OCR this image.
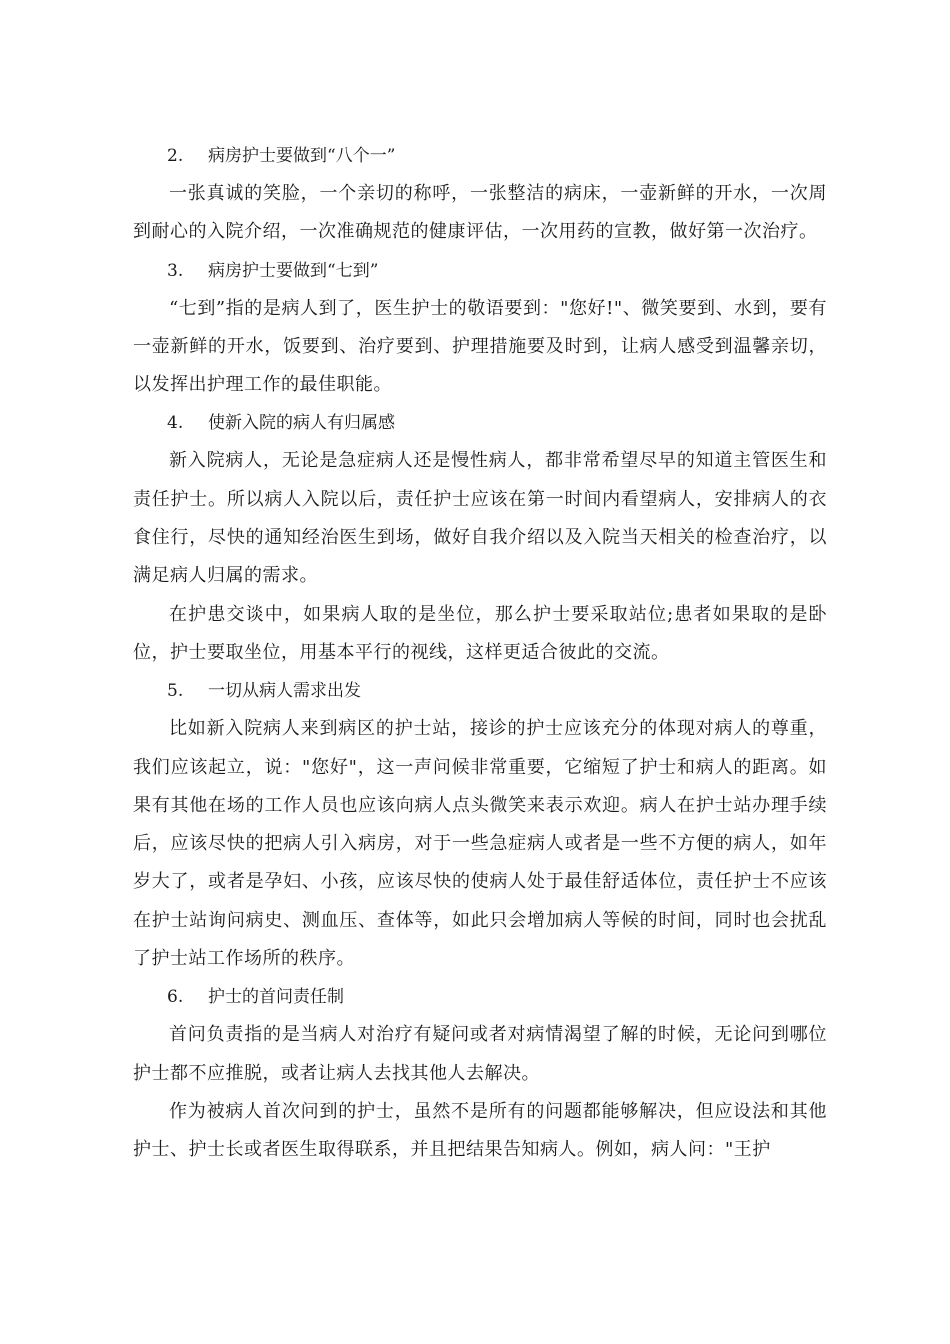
2. 病房护士要做到“八个一”

一张真诚的笑脸，一个亲切的称呼，一张整洁的病床，一壶新鲜的开水，一次周到耐心的入院介绍，一次准确规范的健康评估，一次用药的宣教，做好第一次治疗。

3. 病房护士要做到“七到”

“七到”指的是病人到了，医生护士的敬语要到："您好!"、微笑要到、水到，要有一壶新鲜的开水，饭要到、治疗要到、护理措施要及时到，让病人感受到温馨亲切，以发挥出护理工作的最佳职能。

4. 使新入院的病人有归属感

新入院病人，无论是急症病人还是慢性病人，都非常希望尽早的知道主管医生和责任护士。所以病人入院以后，责任护士应该在第一时间内看望病人，安排病人的衣食住行，尽快的通知经治医生到场，做好自我介绍以及入院当天相关的检查治疗，以满足病人归属的需求。

在护患交谈中，如果病人取的是坐位，那么护士要采取站位;患者如果取的是卧位，护士要取坐位，用基本平行的视线，这样更适合彼此的交流。

5. 一切从病人需求出发

比如新入院病人来到病区的护士站，接诊的护士应该充分的体现对病人的尊重，我们应该起立，说："您好"，这一声问候非常重要，它缩短了护士和病人的距离。如果有其他在场的工作人员也应该向病人点头微笑来表示欢迎。病人在护士站办理手续后，应该尽快的把病人引入病房，对于一些急症病人或者是一些不方便的病人，如年岁大了，或者是孕妇、小孩，应该尽快的使病人处于最佳舒适体位，责任护士不应该在护士站询问病史、测血压、查体等，如此只会增加病人等候的时间，同时也会扰乱了护士站工作场所的秩序。

6. 护士的首问责任制

首问负责指的是当病人对治疗有疑问或者对病情渴望了解的时候，无论问到哪位护士都不应推脱，或者让病人去找其他人去解决。

作为被病人首次问到的护士，虽然不是所有的问题都能够解决，但应设法和其他护士、护士长或者医生取得联系，并且把结果告知病人。例如，病人问："王护
